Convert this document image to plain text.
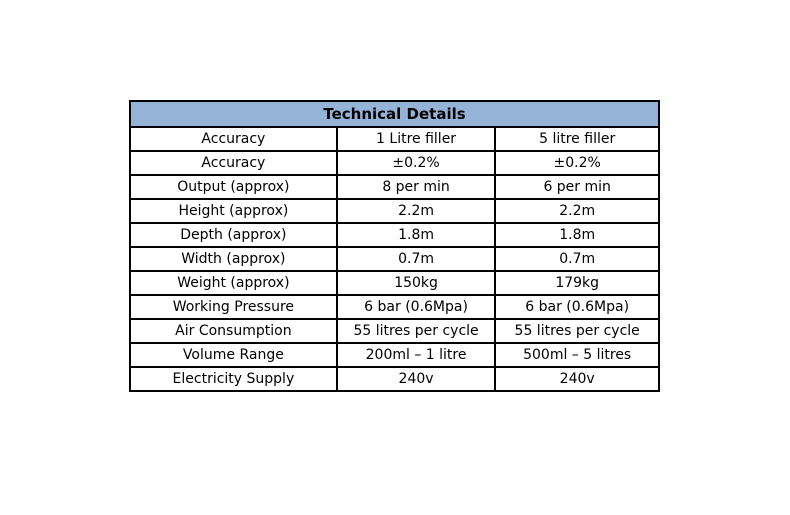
Technical Details		
Accuracy	1 Litre filler	5 litre filler
Accuracy	±0.2%	±0.2%
Output (approx)	8 per min	6 per min
Height (approx)	2.2m	2.2m
Depth (approx)	1.8m	1.8m
Width (approx)	0.7m	0.7m
Weight (approx)	150kg	179kg
Working Pressure	6 bar (0.6Mpa)	6 bar (0.6Mpa)
Air Consumption	55 litres per cycle	55 litres per cycle
Volume Range	200ml – 1 litre	500ml – 5 litres
Electricity Supply	240v	240v
